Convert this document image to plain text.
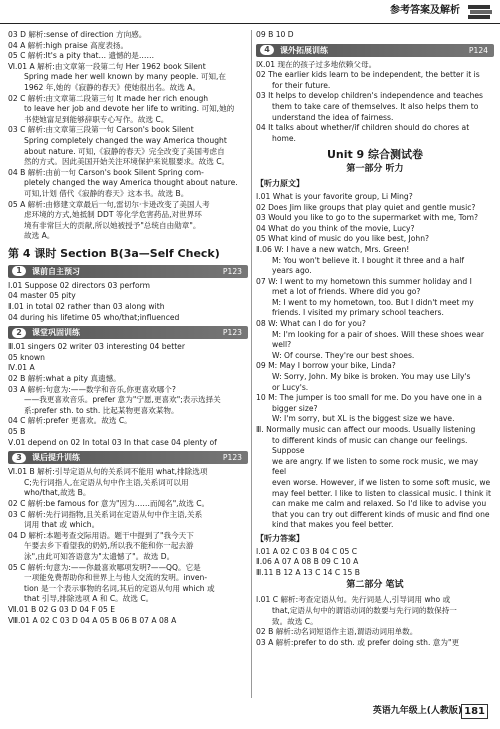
参考答案及解析
03 D 解析:sense of direction 方向感。
04 A 解析:high praise 高度表扬。
05 C 解析:It's a pity that… 遗憾的是……
Ⅵ.01 A 解析:由文章第一段第二句 Her 1962 book Silent
Spring made her well known by many people. 可知,在
1962 年,她的《寂静的春天》使她很出名。故选 A。
02 C 解析:由文章第二段第三句 It made her rich enough
to leave her job and devote her life to writing. 可知,她的
书使她富足到能够辞职专心写作。故选 C。
03 C 解析:由文章第三段第一句 Carson's book Silent
Spring completely changed the way America thought
about nature. 可知,《寂静的春天》完全改变了美国考虑自
然的方式。因此美国开始关注环境保护来说服要求。故选 C。
04 B 解析:由前一句 Carson's book Silent Spring com-
pletely changed the way America thought about nature.
可知,计划 借代《寂静的春天》这本书。故选 B。
05 A 解析:由修建文章最后一句,雷切尔·卡逊改变了美国人考
虑环境的方式,她抵制 DDT 等化学危害药品,对世界环
境有非常巨大的贡献,所以她被授予"总统自由勋章"。
故选 A。
第 4 课时 Section B(3a—Self Check)
1	课前自主预习	P123
Ⅰ.01 Suppose 02 directors 03 perform
04 master 05 pity
Ⅱ.01 in total 02 rather than 03 along with
04 during his lifetime 05 who/that;influenced
2	课堂巩固训练	P123
Ⅲ.01 singers 02 writer 03 interesting 04 better
05 known
Ⅳ.01 A
02 B 解析:what a pity 真遗憾。
03 A 解析:句意为:——数学和音乐,你更喜欢哪个?
——我更喜欢音乐。prefer 意为"宁愿,更喜欢";表示选择关
系:prefer sth. to sth. 比起某物更喜欢某物。
04 C 解析:prefer 更喜欢。故选 C。
05 B
Ⅴ.01 depend on 02 In total 03 In that case 04 plenty of
3	课后提升训练	P123
Ⅵ.01 B 解析:引导定语从句的关系词不能用 what,排除选项
C;先行词指人,在定语从句中作主语,关系词可以用
who/that,故选 B。
02 C 解析:be famous for 意为"因为……而闻名",故选 C。
03 C 解析:先行词指物,且关系词在定语从句中作主语,关系
词用 that 或 which。
04 D 解析:本题考查交际用语。题干中提到了"我今天下
午要去乡下看望我的奶奶,所以我不能和你一起去游
泳",由此可知答语意为"太遗憾了"。故选 D。
05 C 解析:句意为:——你最喜欢哪项发明?——QQ。它是
一项能免费帮助你和世界上与他人交流的发明。inven-
tion 是一个表示事物的名词,其后的定语从句用 which 或
that 引导,排除选项 A 和 C。故选 C。
Ⅶ.01 B 02 G 03 D 04 F 05 E
Ⅷ.01 A 02 C 03 D 04 A 05 B 06 B 07 A 08 A
09 B 10 D
4	课外拓展训练	P124
Ⅸ.01 现在的孩子过多地依赖父母。
02 The earlier kids learn to be independent, the better it is
for their future.
03 It helps to develop children's independence and teaches
them to take care of themselves. It also helps them to
understand the idea of fairness.
04 It talks about whether/if children should do chores at
home.
Unit 9 综合测试卷
第一部分 听力
【听力原文】
Ⅰ.01 What is your favorite group, Li Ming?
02 Does Jim like groups that play quiet and gentle music?
03 Would you like to go to the supermarket with me, Tom?
04 What do you think of the movie, Lucy?
05 What kind of music do you like best, John?
Ⅱ.06 W: I have a new watch, Mrs. Green!
M: You won't believe it. I bought it three and a half
years ago.
07 W: I went to my hometown this summer holiday and I
met a lot of friends. Where did you go?
M: I went to my hometown, too. But I didn't meet my
friends. I visited my primary school teachers.
08 W: What can I do for you?
M: I'm looking for a pair of shoes. Will these shoes wear
well?
W: Of course. They're our best shoes.
09 M: May I borrow your bike, Linda?
W: Sorry, John. My bike is broken. You may use Lily's
or Lucy's.
10 M: The jumper is too small for me. Do you have one in a
bigger size?
W: I'm sorry, but XL is the biggest size we have.
Ⅲ. Normally music can affect our moods. Usually listening
to different kinds of music can change our feelings. Suppose
we are angry. If we listen to some rock music, we may feel
even worse. However, if we listen to some soft music, we
may feel better. I like to listen to classical music. I think it
can make me calm and relaxed. So I'd like to advise you
that you can try out different kinds of music and find one
kind that makes you feel better.
【听力答案】
Ⅰ.01 A 02 C 03 B 04 C 05 C
Ⅱ.06 A 07 A 08 B 09 C 10 A
Ⅲ.11 B 12 A 13 C 14 C 15 B
第二部分 笔试
Ⅰ.01 C 解析:考查定语从句。先行词是人,引导词用 who 或
that,定语从句中的谓语动词的数要与先行词的数保持一
致。故选 C。
02 B 解析:动名词短语作主语,谓语动词用单数。
03 A 解析:prefer to do sth. 或 prefer doing sth. 意为"更
英语九年级上(人教版) 181
